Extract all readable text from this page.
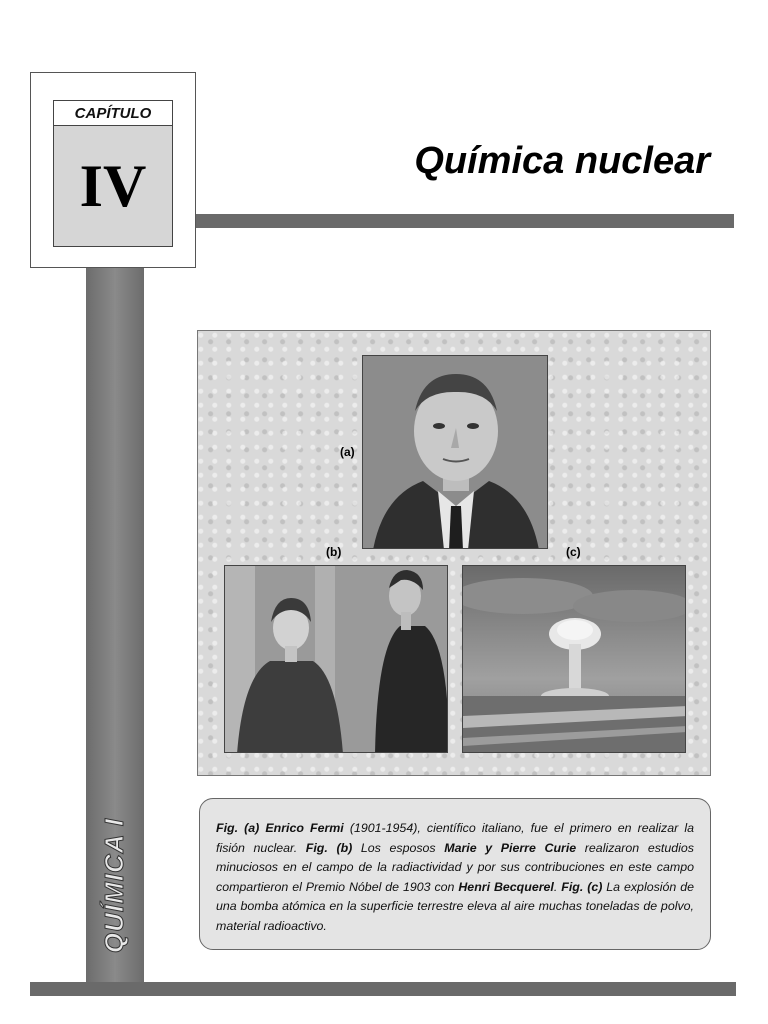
CAPÍTULO
IV	Química nuclear
QUÍMICA I
(a)
(b)	(c)
Fig. (a) Enrico Fermi (1901-1954), científico italiano, fue el primero en realizar la fisión nuclear. Fig. (b) Los esposos Marie y Pierre Curie realizaron estudios minuciosos en el campo de la radiactividad y por sus contribuciones en este campo compartieron el Premio Nóbel de 1903 con Henri Becquerel. Fig. (c) La explosión de una bomba atómica en la superficie terrestre eleva al aire muchas toneladas de polvo, material radioactivo.
